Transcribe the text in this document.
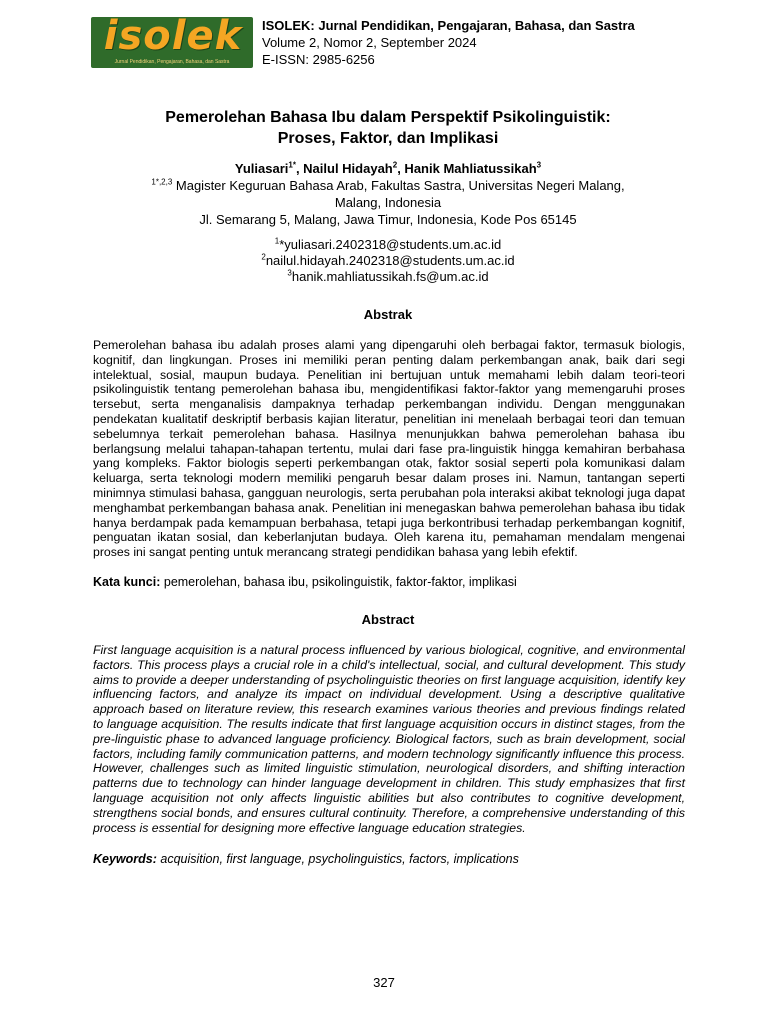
isolek
Jurnal Pendidikan, Pengajaran, Bahasa, dan Sastra
ISOLEK: Jurnal Pendidikan, Pengajaran, Bahasa, dan Sastra
Volume 2, Nomor 2, September 2024
E-ISSN: 2985-6256
Pemerolehan Bahasa Ibu dalam Perspektif Psikolinguistik:
Proses, Faktor, dan Implikasi
Yuliasari$^{1*}$, Nailul Hidayah$^2$, Hanik Mahliatussikah$^3$
$^{1*,2,3}$ Magister Keguruan Bahasa Arab, Fakultas Sastra, Universitas Negeri Malang,
Malang, Indonesia
Jl. Semarang 5, Malang, Jawa Timur, Indonesia, Kode Pos 65145
$^1$*yuliasari.2402318@students.um.ac.id
$^2$nailul.hidayah.2402318@students.um.ac.id
$^3$hanik.mahliatussikah.fs@um.ac.id
Abstrak
Pemerolehan bahasa ibu adalah proses alami yang dipengaruhi oleh berbagai faktor, termasuk biologis, kognitif, dan lingkungan. Proses ini memiliki peran penting dalam perkembangan anak, baik dari segi intelektual, sosial, maupun budaya. Penelitian ini bertujuan untuk memahami lebih dalam teori-teori psikolinguistik tentang pemerolehan bahasa ibu, mengidentifikasi faktor-faktor yang memengaruhi proses tersebut, serta menganalisis dampaknya terhadap perkembangan individu. Dengan menggunakan pendekatan kualitatif deskriptif berbasis kajian literatur, penelitian ini menelaah berbagai teori dan temuan sebelumnya terkait pemerolehan bahasa. Hasilnya menunjukkan bahwa pemerolehan bahasa ibu berlangsung melalui tahapan-tahapan tertentu, mulai dari fase pra-linguistik hingga kemahiran berbahasa yang kompleks. Faktor biologis seperti perkembangan otak, faktor sosial seperti pola komunikasi dalam keluarga, serta teknologi modern memiliki pengaruh besar dalam proses ini. Namun, tantangan seperti minimnya stimulasi bahasa, gangguan neurologis, serta perubahan pola interaksi akibat teknologi juga dapat menghambat perkembangan bahasa anak. Penelitian ini menegaskan bahwa pemerolehan bahasa ibu tidak hanya berdampak pada kemampuan berbahasa, tetapi juga berkontribusi terhadap perkembangan kognitif, penguatan ikatan sosial, dan keberlanjutan budaya. Oleh karena itu, pemahaman mendalam mengenai proses ini sangat penting untuk merancang strategi pendidikan bahasa yang lebih efektif.
Kata kunci: pemerolehan, bahasa ibu, psikolinguistik, faktor-faktor, implikasi
Abstract
First language acquisition is a natural process influenced by various biological, cognitive, and environmental factors. This process plays a crucial role in a child's intellectual, social, and cultural development. This study aims to provide a deeper understanding of psycholinguistic theories on first language acquisition, identify key influencing factors, and analyze its impact on individual development. Using a descriptive qualitative approach based on literature review, this research examines various theories and previous findings related to language acquisition. The results indicate that first language acquisition occurs in distinct stages, from the pre-linguistic phase to advanced language proficiency. Biological factors, such as brain development, social factors, including family communication patterns, and modern technology significantly influence this process. However, challenges such as limited linguistic stimulation, neurological disorders, and shifting interaction patterns due to technology can hinder language development in children. This study emphasizes that first language acquisition not only affects linguistic abilities but also contributes to cognitive development, strengthens social bonds, and ensures cultural continuity. Therefore, a comprehensive understanding of this process is essential for designing more effective language education strategies.
Keywords: acquisition, first language, psycholinguistics, factors, implications
327
